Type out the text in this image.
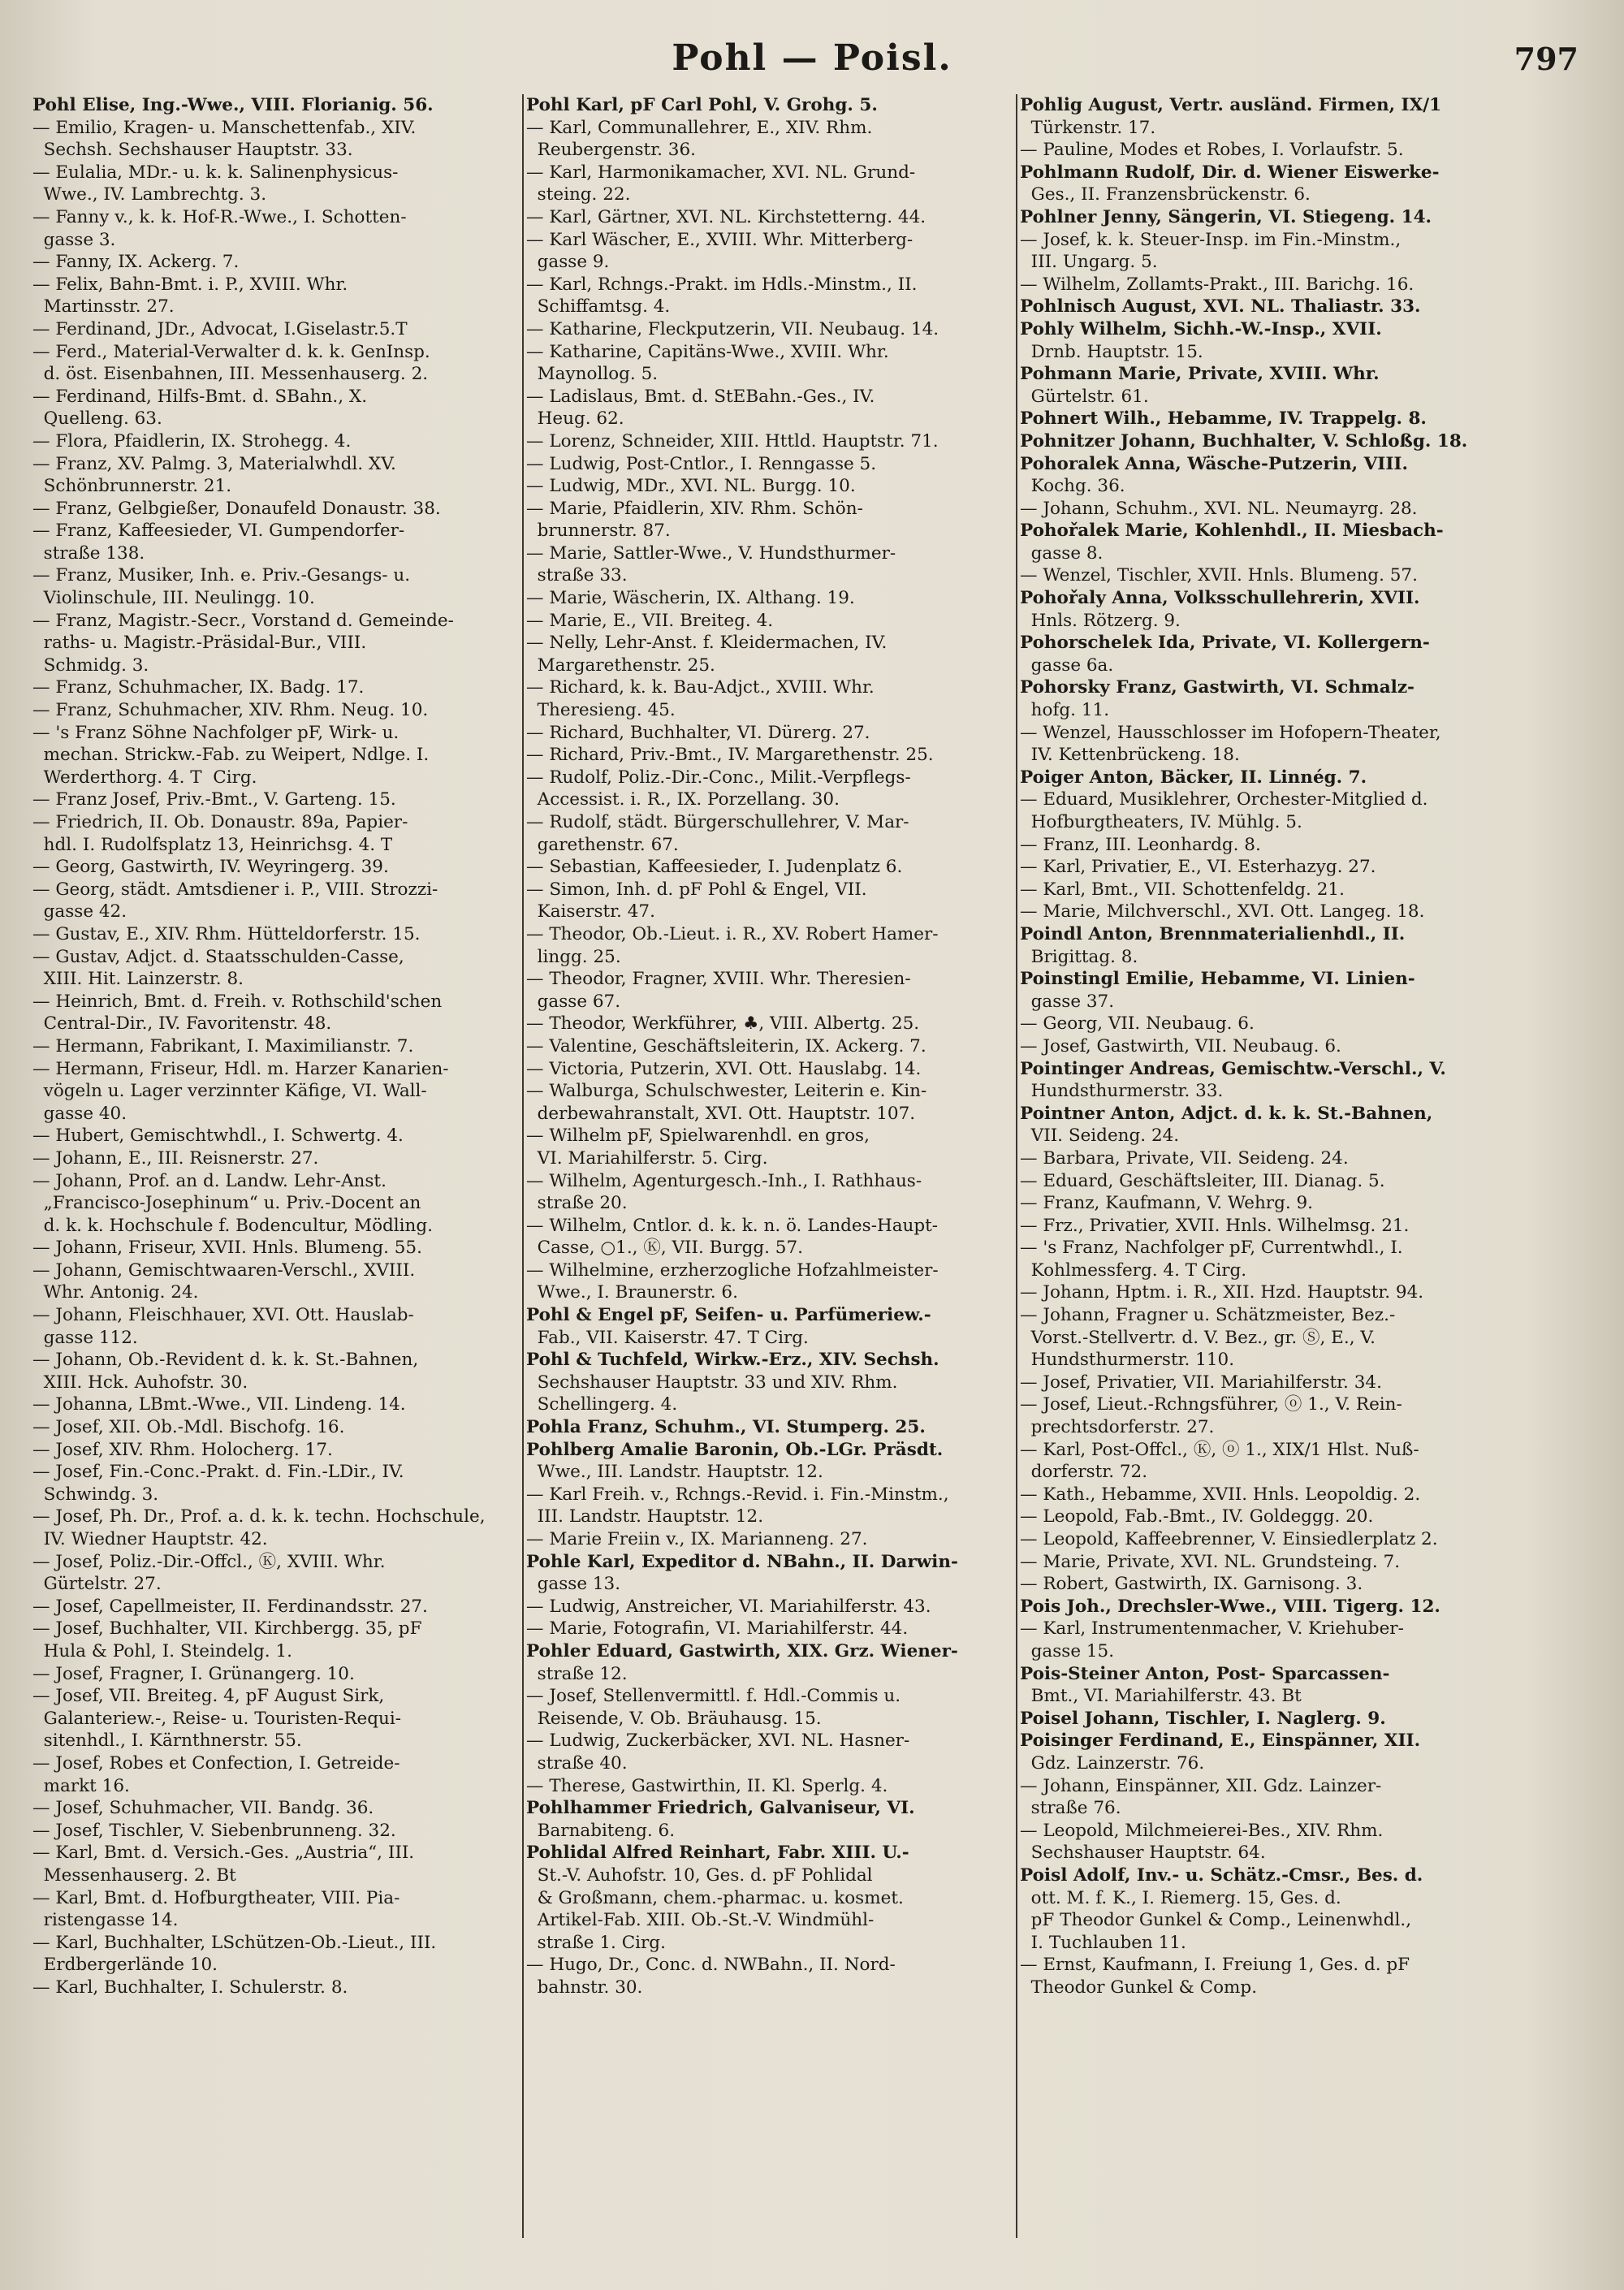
Pohl — Poisl.	797
Pohl Elise, Ing.-Wwe., VIII. Florianig. 56.
— Emilio, Kragen- u. Manschettenfab., XIV.
Sechsh. Sechshauser Hauptstr. 33.
— Eulalia, MDr.- u. k. k. Salinenphysicus-
Wwe., IV. Lambrechtg. 3.
— Fanny v., k. k. Hof-R.-Wwe., I. Schotten-
gasse 3.
— Fanny, IX. Ackerg. 7.
— Felix, Bahn-Bmt. i. P., XVIII. Whr.
Martinsstr. 27.
— Ferdinand, JDr., Advocat, I.Giselastr.5.T
— Ferd., Material-Verwalter d. k. k. GenInsp.
d. öst. Eisenbahnen, III. Messenhauserg. 2.
— Ferdinand, Hilfs-Bmt. d. SBahn., X.
Quelleng. 63.
— Flora, Pfaidlerin, IX. Strohegg. 4.
— Franz, XV. Palmg. 3, Materialwhdl. XV.
Schönbrunnerstr. 21.
— Franz, Gelbgießer, Donaufeld Donaustr. 38.
— Franz, Kaffeesieder, VI. Gumpendorfer-
straße 138.
— Franz, Musiker, Inh. e. Priv.-Gesangs- u.
Violinschule, III. Neulingg. 10.
— Franz, Magistr.-Secr., Vorstand d. Gemeinde-
raths- u. Magistr.-Präsidal-Bur., VIII.
Schmidg. 3.
— Franz, Schuhmacher, IX. Badg. 17.
— Franz, Schuhmacher, XIV. Rhm. Neug. 10.
— 's Franz Söhne Nachfolger pF, Wirk- u.
mechan. Strickw.-Fab. zu Weipert, Ndlge. I.
Werderthorg. 4. T  Cirg.
— Franz Josef, Priv.-Bmt., V. Garteng. 15.
— Friedrich, II. Ob. Donaustr. 89a, Papier-
hdl. I. Rudolfsplatz 13, Heinrichsg. 4. T
— Georg, Gastwirth, IV. Weyringerg. 39.
— Georg, städt. Amtsdiener i. P., VIII. Strozzi-
gasse 42.
— Gustav, E., XIV. Rhm. Hütteldorferstr. 15.
— Gustav, Adjct. d. Staatsschulden-Casse,
XIII. Hit. Lainzerstr. 8.
— Heinrich, Bmt. d. Freih. v. Rothschild'schen
Central-Dir., IV. Favoritenstr. 48.
— Hermann, Fabrikant, I. Maximilianstr. 7.
— Hermann, Friseur, Hdl. m. Harzer Kanarien-
vögeln u. Lager verzinnter Käfige, VI. Wall-
gasse 40.
— Hubert, Gemischtwhdl., I. Schwertg. 4.
— Johann, E., III. Reisnerstr. 27.
— Johann, Prof. an d. Landw. Lehr-Anst.
„Francisco-Josephinum“ u. Priv.-Docent an
d. k. k. Hochschule f. Bodencultur, Mödling.
— Johann, Friseur, XVII. Hnls. Blumeng. 55.
— Johann, Gemischtwaaren-Verschl., XVIII.
Whr. Antonig. 24.
— Johann, Fleischhauer, XVI. Ott. Hauslab-
gasse 112.
— Johann, Ob.-Revident d. k. k. St.-Bahnen,
XIII. Hck. Auhofstr. 30.
— Johanna, LBmt.-Wwe., VII. Lindeng. 14.
— Josef, XII. Ob.-Mdl. Bischofg. 16.
— Josef, XIV. Rhm. Holocherg. 17.
— Josef, Fin.-Conc.-Prakt. d. Fin.-LDir., IV.
Schwindg. 3.
— Josef, Ph. Dr., Prof. a. d. k. k. techn. Hochschule,
IV. Wiedner Hauptstr. 42.
— Josef, Poliz.-Dir.-Offcl., Ⓚ, XVIII. Whr.
Gürtelstr. 27.
— Josef, Capellmeister, II. Ferdinandsstr. 27.
— Josef, Buchhalter, VII. Kirchbergg. 35, pF
Hula & Pohl, I. Steindelg. 1.
— Josef, Fragner, I. Grünangerg. 10.
— Josef, VII. Breiteg. 4, pF August Sirk,
Galanteriew.-, Reise- u. Touristen-Requi-
sitenhdl., I. Kärnthnerstr. 55.
— Josef, Robes et Confection, I. Getreide-
markt 16.
— Josef, Schuhmacher, VII. Bandg. 36.
— Josef, Tischler, V. Siebenbrunneng. 32.
— Karl, Bmt. d. Versich.-Ges. „Austria“, III.
Messenhauserg. 2. Bt
— Karl, Bmt. d. Hofburgtheater, VIII. Pia-
ristengasse 14.
— Karl, Buchhalter, LSchützen-Ob.-Lieut., III.
Erdbergerlände 10.
— Karl, Buchhalter, I. Schulerstr. 8.
Pohl Karl, pF Carl Pohl, V. Grohg. 5.
— Karl, Communallehrer, E., XIV. Rhm.
Reubergenstr. 36.
— Karl, Harmonikamacher, XVI. NL. Grund-
steing. 22.
— Karl, Gärtner, XVI. NL. Kirchstetterng. 44.
— Karl Wäscher, E., XVIII. Whr. Mitterberg-
gasse 9.
— Karl, Rchngs.-Prakt. im Hdls.-Minstm., II.
Schiffamtsg. 4.
— Katharine, Fleckputzerin, VII. Neubaug. 14.
— Katharine, Capitäns-Wwe., XVIII. Whr.
Maynollog. 5.
— Ladislaus, Bmt. d. StEBahn.-Ges., IV.
Heug. 62.
— Lorenz, Schneider, XIII. Httld. Hauptstr. 71.
— Ludwig, Post-Cntlor., I. Renngasse 5.
— Ludwig, MDr., XVI. NL. Burgg. 10.
— Marie, Pfaidlerin, XIV. Rhm. Schön-
brunnerstr. 87.
— Marie, Sattler-Wwe., V. Hundsthurmer-
straße 33.
— Marie, Wäscherin, IX. Althang. 19.
— Marie, E., VII. Breiteg. 4.
— Nelly, Lehr-Anst. f. Kleidermachen, IV.
Margarethenstr. 25.
— Richard, k. k. Bau-Adjct., XVIII. Whr.
Theresieng. 45.
— Richard, Buchhalter, VI. Dürerg. 27.
— Richard, Priv.-Bmt., IV. Margarethenstr. 25.
— Rudolf, Poliz.-Dir.-Conc., Milit.-Verpflegs-
Accessist. i. R., IX. Porzellang. 30.
— Rudolf, städt. Bürgerschullehrer, V. Mar-
garethenstr. 67.
— Sebastian, Kaffeesieder, I. Judenplatz 6.
— Simon, Inh. d. pF Pohl & Engel, VII.
Kaiserstr. 47.
— Theodor, Ob.-Lieut. i. R., XV. Robert Hamer-
lingg. 25.
— Theodor, Fragner, XVIII. Whr. Theresien-
gasse 67.
— Theodor, Werkführer, ♣, VIII. Albertg. 25.
— Valentine, Geschäftsleiterin, IX. Ackerg. 7.
— Victoria, Putzerin, XVI. Ott. Hauslabg. 14.
— Walburga, Schulschwester, Leiterin e. Kin-
derbewahranstalt, XVI. Ott. Hauptstr. 107.
— Wilhelm pF, Spielwarenhdl. en gros,
VI. Mariahilferstr. 5. Cirg.
— Wilhelm, Agenturgesch.-Inh., I. Rathhaus-
straße 20.
— Wilhelm, Cntlor. d. k. k. n. ö. Landes-Haupt-
Casse, ○1., Ⓚ, VII. Burgg. 57.
— Wilhelmine, erzherzogliche Hofzahlmeister-
Wwe., I. Braunerstr. 6.
Pohl & Engel pF, Seifen- u. Parfümeriew.-
Fab., VII. Kaiserstr. 47. T Cirg.
Pohl & Tuchfeld, Wirkw.-Erz., XIV. Sechsh.
Sechshauser Hauptstr. 33 und XIV. Rhm.
Schellingerg. 4.
Pohla Franz, Schuhm., VI. Stumperg. 25.
Pohlberg Amalie Baronin, Ob.-LGr. Präsdt.
Wwe., III. Landstr. Hauptstr. 12.
— Karl Freih. v., Rchngs.-Revid. i. Fin.-Minstm.,
III. Landstr. Hauptstr. 12.
— Marie Freiin v., IX. Marianneng. 27.
Pohle Karl, Expeditor d. NBahn., II. Darwin-
gasse 13.
— Ludwig, Anstreicher, VI. Mariahilferstr. 43.
— Marie, Fotografin, VI. Mariahilferstr. 44.
Pohler Eduard, Gastwirth, XIX. Grz. Wiener-
straße 12.
— Josef, Stellenvermittl. f. Hdl.-Commis u.
Reisende, V. Ob. Bräuhausg. 15.
— Ludwig, Zuckerbäcker, XVI. NL. Hasner-
straße 40.
— Therese, Gastwirthin, II. Kl. Sperlg. 4.
Pohlhammer Friedrich, Galvaniseur, VI.
Barnabiteng. 6.
Pohlidal Alfred Reinhart, Fabr. XIII. U.-
St.-V. Auhofstr. 10, Ges. d. pF Pohlidal
& Großmann, chem.-pharmac. u. kosmet.
Artikel-Fab. XIII. Ob.-St.-V. Windmühl-
straße 1. Cirg.
— Hugo, Dr., Conc. d. NWBahn., II. Nord-
bahnstr. 30.
Pohlig August, Vertr. ausländ. Firmen, IX/1
Türkenstr. 17.
— Pauline, Modes et Robes, I. Vorlaufstr. 5.
Pohlmann Rudolf, Dir. d. Wiener Eiswerke-
Ges., II. Franzensbrückenstr. 6.
Pohlner Jenny, Sängerin, VI. Stiegeng. 14.
— Josef, k. k. Steuer-Insp. im Fin.-Minstm.,
III. Ungarg. 5.
— Wilhelm, Zollamts-Prakt., III. Barichg. 16.
Pohlnisch August, XVI. NL. Thaliastr. 33.
Pohly Wilhelm, Sichh.-W.-Insp., XVII.
Drnb. Hauptstr. 15.
Pohmann Marie, Private, XVIII. Whr.
Gürtelstr. 61.
Pohnert Wilh., Hebamme, IV. Trappelg. 8.
Pohnitzer Johann, Buchhalter, V. Schloßg. 18.
Pohoralek Anna, Wäsche-Putzerin, VIII.
Kochg. 36.
— Johann, Schuhm., XVI. NL. Neumayrg. 28.
Pohořalek Marie, Kohlenhdl., II. Miesbach-
gasse 8.
— Wenzel, Tischler, XVII. Hnls. Blumeng. 57.
Pohořaly Anna, Volksschullehrerin, XVII.
Hnls. Rötzerg. 9.
Pohorschelek Ida, Private, VI. Kollergern-
gasse 6a.
Pohorsky Franz, Gastwirth, VI. Schmalz-
hofg. 11.
— Wenzel, Hausschlosser im Hofopern-Theater,
IV. Kettenbrückeng. 18.
Poiger Anton, Bäcker, II. Linnég. 7.
— Eduard, Musiklehrer, Orchester-Mitglied d.
Hofburgtheaters, IV. Mühlg. 5.
— Franz, III. Leonhardg. 8.
— Karl, Privatier, E., VI. Esterhazyg. 27.
— Karl, Bmt., VII. Schottenfeldg. 21.
— Marie, Milchverschl., XVI. Ott. Langeg. 18.
Poindl Anton, Brennmaterialienhdl., II.
Brigittag. 8.
Poinstingl Emilie, Hebamme, VI. Linien-
gasse 37.
— Georg, VII. Neubaug. 6.
— Josef, Gastwirth, VII. Neubaug. 6.
Pointinger Andreas, Gemischtw.-Verschl., V.
Hundsthurmerstr. 33.
Pointner Anton, Adjct. d. k. k. St.-Bahnen,
VII. Seideng. 24.
— Barbara, Private, VII. Seideng. 24.
— Eduard, Geschäftsleiter, III. Dianag. 5.
— Franz, Kaufmann, V. Wehrg. 9.
— Frz., Privatier, XVII. Hnls. Wilhelmsg. 21.
— 's Franz, Nachfolger pF, Currentwhdl., I.
Kohlmessferg. 4. T Cirg.
— Johann, Hptm. i. R., XII. Hzd. Hauptstr. 94.
— Johann, Fragner u. Schätzmeister, Bez.-
Vorst.-Stellvertr. d. V. Bez., gr. Ⓢ, E., V.
Hundsthurmerstr. 110.
— Josef, Privatier, VII. Mariahilferstr. 34.
— Josef, Lieut.-Rchngsführer, ⓞ 1., V. Rein-
prechtsdorferstr. 27.
— Karl, Post-Offcl., Ⓚ, ⓞ 1., XIX/1 Hlst. Nuß-
dorferstr. 72.
— Kath., Hebamme, XVII. Hnls. Leopoldig. 2.
— Leopold, Fab.-Bmt., IV. Goldeggg. 20.
— Leopold, Kaffeebrenner, V. Einsiedlerplatz 2.
— Marie, Private, XVI. NL. Grundsteing. 7.
— Robert, Gastwirth, IX. Garnisong. 3.
Pois Joh., Drechsler-Wwe., VIII. Tigerg. 12.
— Karl, Instrumentenmacher, V. Kriehuber-
gasse 15.
Pois-Steiner Anton, Post- Sparcassen-
Bmt., VI. Mariahilferstr. 43. Bt
Poisel Johann, Tischler, I. Naglerg. 9.
Poisinger Ferdinand, E., Einspänner, XII.
Gdz. Lainzerstr. 76.
— Johann, Einspänner, XII. Gdz. Lainzer-
straße 76.
— Leopold, Milchmeierei-Bes., XIV. Rhm.
Sechshauser Hauptstr. 64.
Poisl Adolf, Inv.- u. Schätz.-Cmsr., Bes. d.
ott. M. f. K., I. Riemerg. 15, Ges. d.
pF Theodor Gunkel & Comp., Leinenwhdl.,
I. Tuchlauben 11.
— Ernst, Kaufmann, I. Freiung 1, Ges. d. pF
Theodor Gunkel & Comp.
